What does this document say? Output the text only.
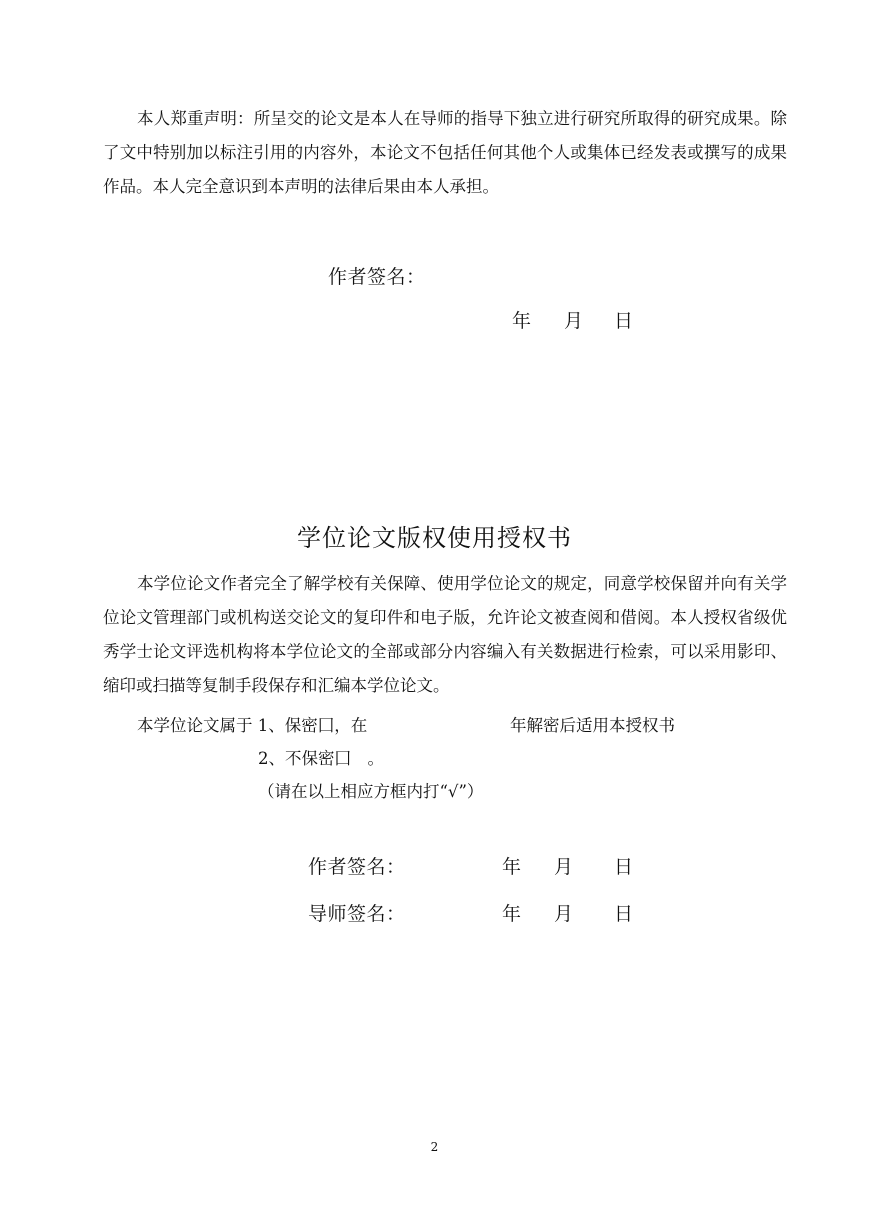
本人郑重声明：所呈交的论文是本人在导师的指导下独立进行研究所取得的研究成果。除了文中特别加以标注引用的内容外，本论文不包括任何其他个人或集体已经发表或撰写的成果作品。本人完全意识到本声明的法律后果由本人承担。
作者签名：
年 月 日
学位论文版权使用授权书
本学位论文作者完全了解学校有关保障、使用学位论文的规定，同意学校保留并向有关学位论文管理部门或机构送交论文的复印件和电子版，允许论文被查阅和借阅。本人授权省级优秀学士论文评选机构将本学位论文的全部或部分内容编入有关数据进行检索，可以采用影印、缩印或扫描等复制手段保存和汇编本学位论文。
本学位论文属于 1、保密囗，在	年解密后适用本授权书
2、不保密囗　。
（请在以上相应方框内打“√”）
作者签名：	年 月 日
导师签名：	年 月 日
2
